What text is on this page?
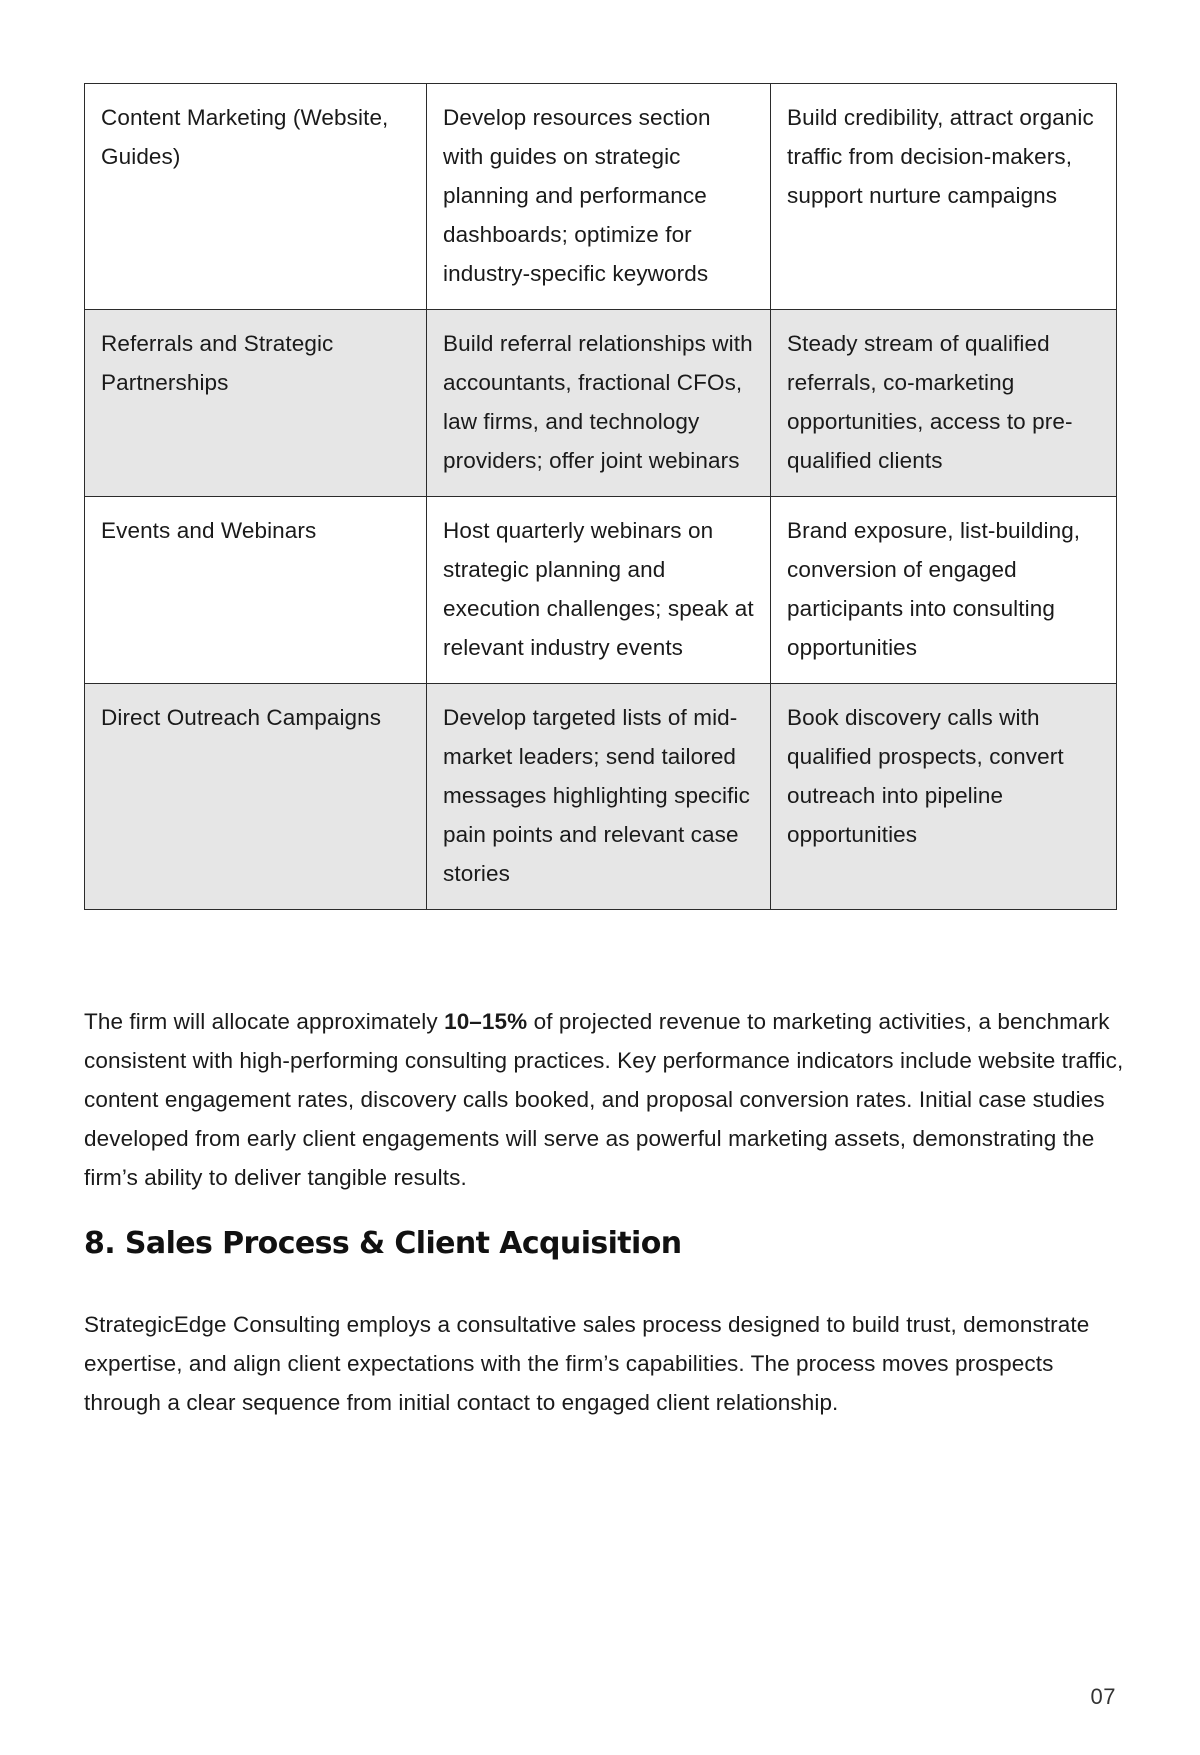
Content Marketing (Website, Guides)	Develop resources section with guides on strategic planning and performance dashboards; optimize for industry-specific keywords	Build credibility, attract organic traffic from decision-makers, support nurture campaigns
Referrals and Strategic Partnerships	Build referral relationships with accountants, fractional CFOs, law firms, and technology providers; offer joint webinars	Steady stream of qualified referrals, co-marketing opportunities, access to pre-qualified clients
Events and Webinars	Host quarterly webinars on strategic planning and execution challenges; speak at relevant industry events	Brand exposure, list-building, conversion of engaged participants into consulting opportunities
Direct Outreach Campaigns	Develop targeted lists of mid-market leaders; send tailored messages highlighting specific pain points and relevant case stories	Book discovery calls with qualified prospects, convert outreach into pipeline opportunities

The firm will allocate approximately 10–15% of projected revenue to marketing activities, a benchmark consistent with high-performing consulting practices. Key performance indicators include website traffic, content engagement rates, discovery calls booked, and proposal conversion rates. Initial case studies developed from early client engagements will serve as powerful marketing assets, demonstrating the firm’s ability to deliver tangible results.

8. Sales Process & Client Acquisition

StrategicEdge Consulting employs a consultative sales process designed to build trust, demonstrate expertise, and align client expectations with the firm’s capabilities. The process moves prospects through a clear sequence from initial contact to engaged client relationship.

07
